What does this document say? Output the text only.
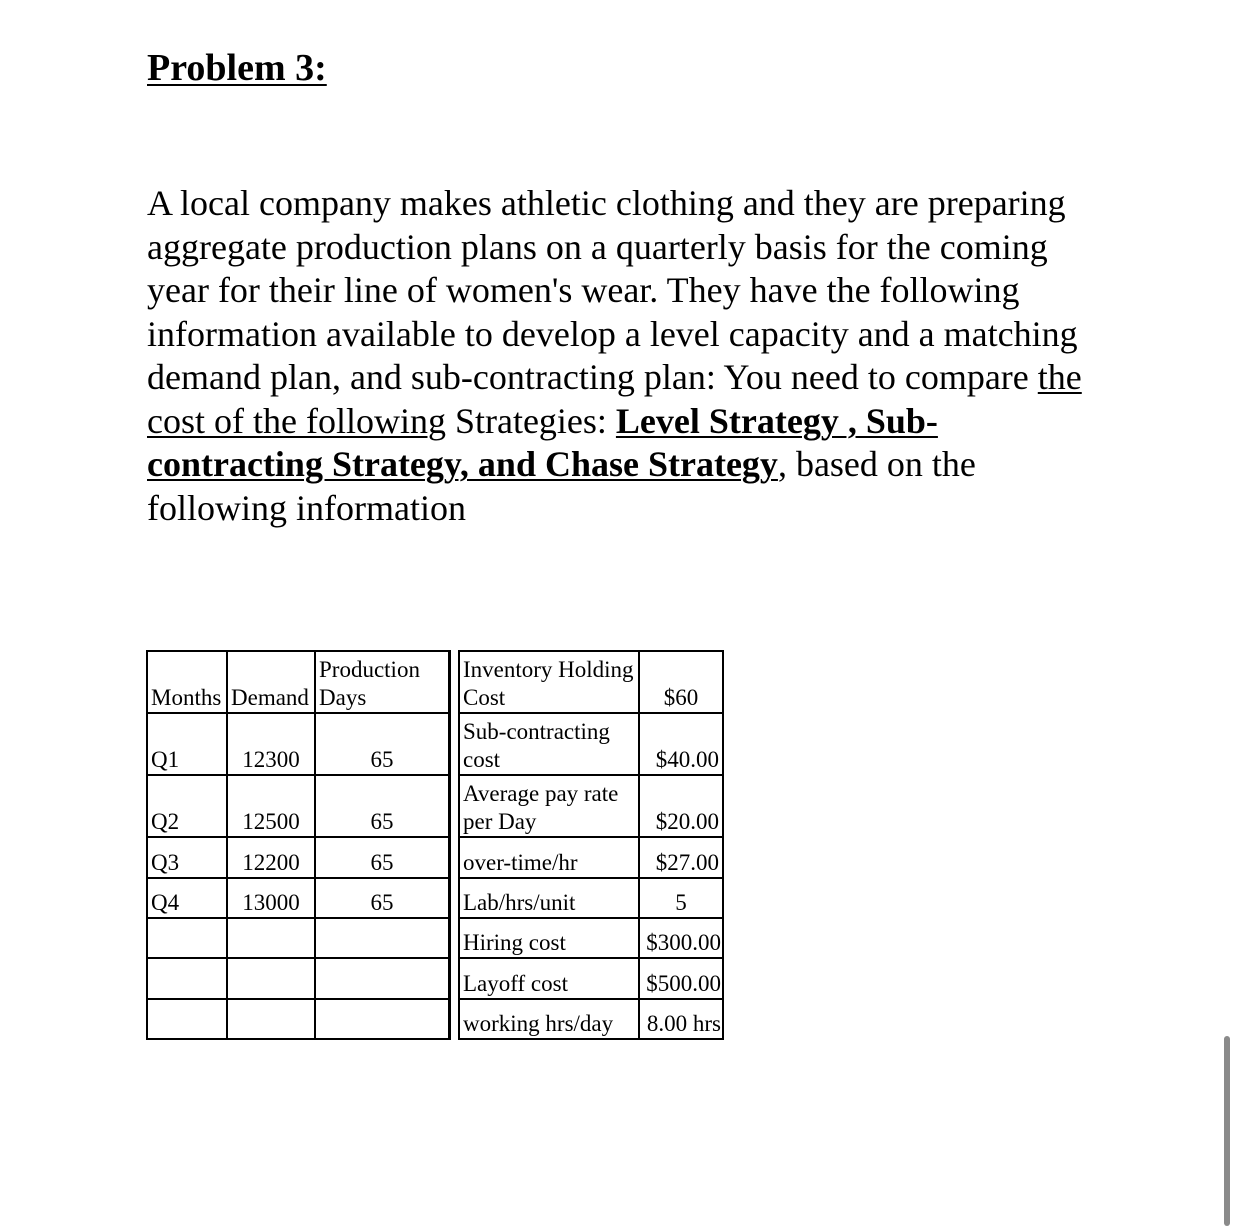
Problem 3:
A local company makes athletic clothing and they are preparing aggregate production plans on a quarterly basis for the coming year for their line of women's wear. They have the following information available to develop a level capacity and a matching demand plan, and sub-contracting plan: You need to compare the cost of the following Strategies: Level Strategy , Sub-contracting Strategy, and Chase Strategy, based on the following information
Months	Demand	Production Days
Q1	12300	65
Q2	12500	65
Q3	12200	65
Q4	13000	65

Inventory Holding Cost	$60
Sub-contracting cost	$40.00
Average pay rate per Day	$20.00
over-time/hr	$27.00
Lab/hrs/unit	5
Hiring cost	$300.00
Layoff cost	$500.00
working hrs/day	8.00 hrs
